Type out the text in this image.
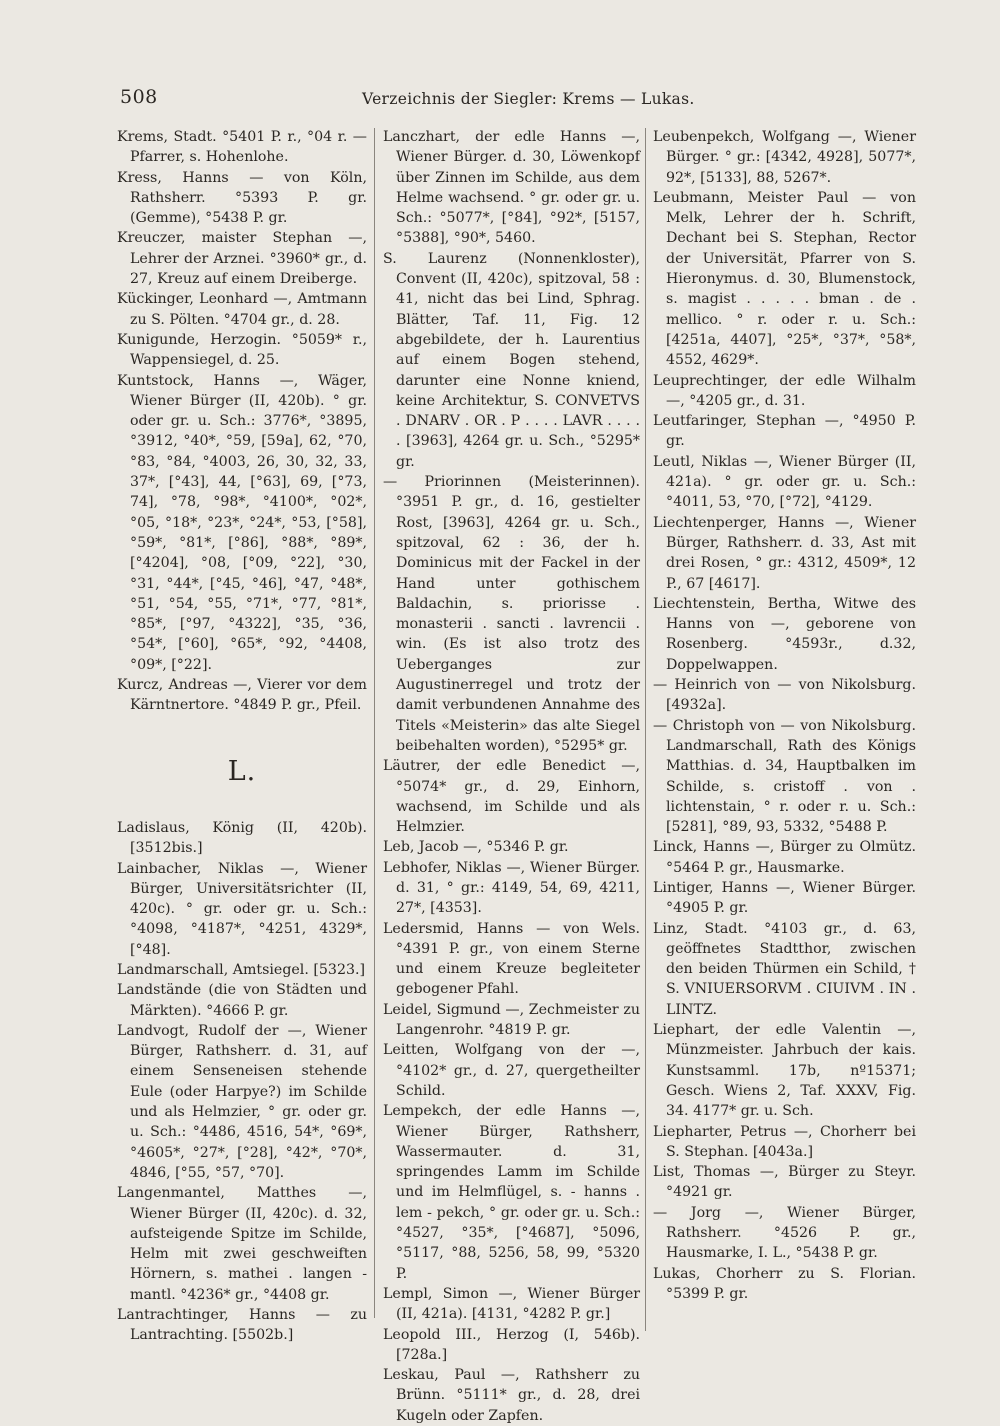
508	Verzeichnis der Siegler: Krems — Lukas.

Krems, Stadt. °5401 P. r., °04 r. — Pfarrer, s. Hohenlohe.

Kress, Hanns — von Köln, Rathsherr. °5393 P. gr. (Gemme), °5438 P. gr.

Kreuczer, maister Stephan —, Lehrer der Arznei. °3960* gr., d. 27, Kreuz auf einem Dreiberge.

Kückinger, Leonhard —, Amtmann zu S. Pölten. °4704 gr., d. 28.

Kunigunde, Herzogin. °5059* r., Wappensiegel, d. 25.

Kuntstock, Hanns —, Wäger, Wiener Bürger (II, 420b). ° gr. oder gr. u. Sch.: 3776*, °3895, °3912, °40*, °59, [59a], 62, °70, °83, °84, °4003, 26, 30, 32, 33, 37*, [°43], 44, [°63], 69, [°73, 74], °78, °98*, °4100*, °02*, °05, °18*, °23*, °24*, °53, [°58], °59*, °81*, [°86], °88*, °89*, [°4204], °08, [°09, °22], °30, °31, °44*, [°45, °46], °47, °48*, °51, °54, °55, °71*, °77, °81*, °85*, [°97, °4322], °35, °36, °54*, [°60], °65*, °92, °4408, °09*, [°22].

Kurcz, Andreas —, Vierer vor dem Kärntnertore. °4849 P. gr., Pfeil.

L.

Ladislaus, König (II, 420b). [3512bis.]

Lainbacher, Niklas —, Wiener Bürger, Universitätsrichter (II, 420c). ° gr. oder gr. u. Sch.: °4098, °4187*, °4251, 4329*, [°48].

Landmarschall, Amtsiegel. [5323.]

Landstände (die von Städten und Märkten). °4666 P. gr.

Landvogt, Rudolf der —, Wiener Bürger, Rathsherr. d. 31, auf einem Senseneisen stehende Eule (oder Harpye?) im Schilde und als Helmzier, ° gr. oder gr. u. Sch.: °4486, 4516, 54*, °69*, °4605*, °27*, [°28], °42*, °70*, 4846, [°55, °57, °70].

Langenmantel, Matthes —, Wiener Bürger (II, 420c). d. 32, aufsteigende Spitze im Schilde, Helm mit zwei geschweiften Hörnern, s. mathei . langen - mantl. °4236* gr., °4408 gr.

Lantrachtinger, Hanns — zu Lantrachting. [5502b.]

Lanczhart, der edle Hanns —, Wiener Bürger. d. 30, Löwenkopf über Zinnen im Schilde, aus dem Helme wachsend. ° gr. oder gr. u. Sch.: °5077*, [°84], °92*, [5157, °5388], °90*, 5460.

S. Laurenz (Nonnenkloster), Convent (II, 420c), spitzoval, 58 : 41, nicht das bei Lind, Sphrag. Blätter, Taf. 11, Fig. 12 abgebildete, der h. Laurentius auf einem Bogen stehend, darunter eine Nonne kniend, keine Architektur, S. CONVETVS . DNARV . OR . P . . . . LAVR . . . . . [3963], 4264 gr. u. Sch., °5295* gr.

— Priorinnen (Meisterinnen). °3951 P. gr., d. 16, gestielter Rost, [3963], 4264 gr. u. Sch., spitzoval, 62 : 36, der h. Dominicus mit der Fackel in der Hand unter gothischem Baldachin, s. priorisse . monasterii . sancti . lavrencii . win. (Es ist also trotz des Ueberganges zur Augustinerregel und trotz der damit verbundenen Annahme des Titels «Meisterin» das alte Siegel beibehalten worden), °5295* gr.

Läutrer, der edle Benedict —, °5074* gr., d. 29, Einhorn, wachsend, im Schilde und als Helmzier.

Leb, Jacob —, °5346 P. gr.

Lebhofer, Niklas —, Wiener Bürger. d. 31, ° gr.: 4149, 54, 69, 4211, 27*, [4353].

Ledersmid, Hanns — von Wels. °4391 P. gr., von einem Sterne und einem Kreuze begleiteter gebogener Pfahl.

Leidel, Sigmund —, Zechmeister zu Langenrohr. °4819 P. gr.

Leitten, Wolfgang von der —, °4102* gr., d. 27, quergetheilter Schild.

Lempekch, der edle Hanns —, Wiener Bürger, Rathsherr, Wassermauter. d. 31, springendes Lamm im Schilde und im Helmflügel, s. - hanns . lem - pekch, ° gr. oder gr. u. Sch.: °4527, °35*, [°4687], °5096, °5117, °88, 5256, 58, 99, °5320 P.

Lempl, Simon —, Wiener Bürger (II, 421a). [4131, °4282 P. gr.]

Leopold III., Herzog (I, 546b). [728a.]

Leskau, Paul —, Rathsherr zu Brünn. °5111* gr., d. 28, drei Kugeln oder Zapfen.

Leubenpekch, Wolfgang —, Wiener Bürger. ° gr.: [4342, 4928], 5077*, 92*, [5133], 88, 5267*.

Leubmann, Meister Paul — von Melk, Lehrer der h. Schrift, Dechant bei S. Stephan, Rector der Universität, Pfarrer von S. Hieronymus. d. 30, Blumenstock, s. magist . . . . . bman . de . mellico. ° r. oder r. u. Sch.: [4251a, 4407], °25*, °37*, °58*, 4552, 4629*.

Leuprechtinger, der edle Wilhalm —, °4205 gr., d. 31.

Leutfaringer, Stephan —, °4950 P. gr.

Leutl, Niklas —, Wiener Bürger (II, 421a). ° gr. oder gr. u. Sch.: °4011, 53, °70, [°72], °4129.

Liechtenperger, Hanns —, Wiener Bürger, Rathsherr. d. 33, Ast mit drei Rosen, ° gr.: 4312, 4509*, 12 P., 67 [4617].

Liechtenstein, Bertha, Witwe des Hanns von —, geborene von Rosenberg. °4593r., d.32, Doppelwappen.

— Heinrich von — von Nikolsburg. [4932a].

— Christoph von — von Nikolsburg. Landmarschall, Rath des Königs Matthias. d. 34, Hauptbalken im Schilde, s. cristoff . von . lichtenstain, ° r. oder r. u. Sch.: [5281], °89, 93, 5332, °5488 P.

Linck, Hanns —, Bürger zu Olmütz. °5464 P. gr., Hausmarke.

Lintiger, Hanns —, Wiener Bürger. °4905 P. gr.

Linz, Stadt. °4103 gr., d. 63, geöffnetes Stadtthor, zwischen den beiden Thürmen ein Schild, † S. VNIUERSORVM . CIUIVM . IN . LINTZ.

Liephart, der edle Valentin —, Münzmeister. Jahrbuch der kais. Kunstsamml. 17b, nº15371; Gesch. Wiens 2, Taf. XXXV, Fig. 34. 4177* gr. u. Sch.

Liepharter, Petrus —, Chorherr bei S. Stephan. [4043a.]

List, Thomas —, Bürger zu Steyr. °4921 gr.

— Jorg —, Wiener Bürger, Rathsherr. °4526 P. gr., Hausmarke, I. L., °5438 P. gr.

Lukas, Chorherr zu S. Florian. °5399 P. gr.
